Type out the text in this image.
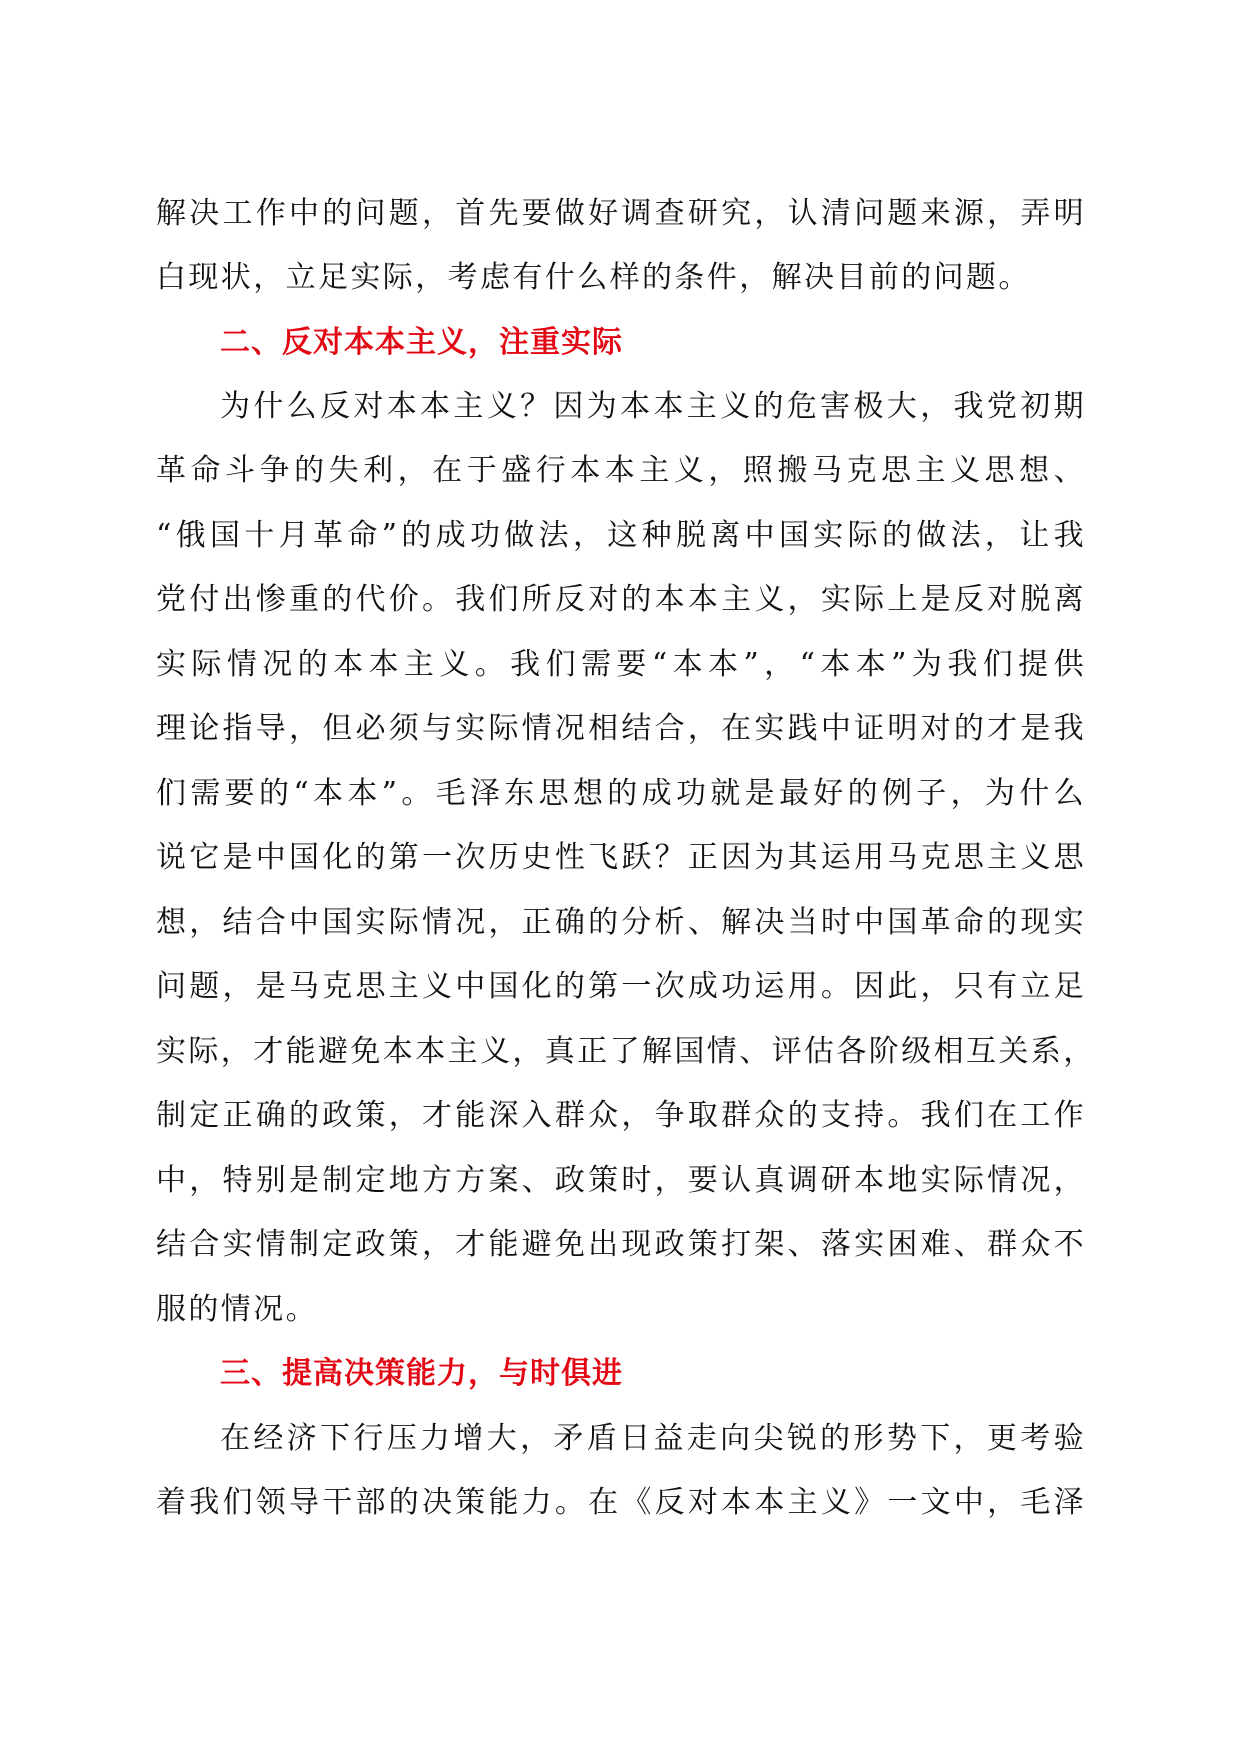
解决工作中的问题，首先要做好调查研究，认清问题来源，弄明
白现状，立足实际，考虑有什么样的条件，解决目前的问题。
二、反对本本主义，注重实际
为什么反对本本主义？因为本本主义的危害极大，我党初期
革命斗争的失利，在于盛行本本主义，照搬马克思主义思想、
“俄国十月革命”的成功做法，这种脱离中国实际的做法，让我
党付出惨重的代价。我们所反对的本本主义，实际上是反对脱离
实际情况的本本主义。我们需要“本本”，“本本”为我们提供
理论指导，但必须与实际情况相结合，在实践中证明对的才是我
们需要的“本本”。毛泽东思想的成功就是最好的例子，为什么
说它是中国化的第一次历史性飞跃？正因为其运用马克思主义思
想，结合中国实际情况，正确的分析、解决当时中国革命的现实
问题，是马克思主义中国化的第一次成功运用。因此，只有立足
实际，才能避免本本主义，真正了解国情、评估各阶级相互关系，
制定正确的政策，才能深入群众，争取群众的支持。我们在工作
中，特别是制定地方方案、政策时，要认真调研本地实际情况，
结合实情制定政策，才能避免出现政策打架、落实困难、群众不
服的情况。
三、提高决策能力，与时俱进
在经济下行压力增大，矛盾日益走向尖锐的形势下，更考验
着我们领导干部的决策能力。在《反对本本主义》一文中，毛泽
